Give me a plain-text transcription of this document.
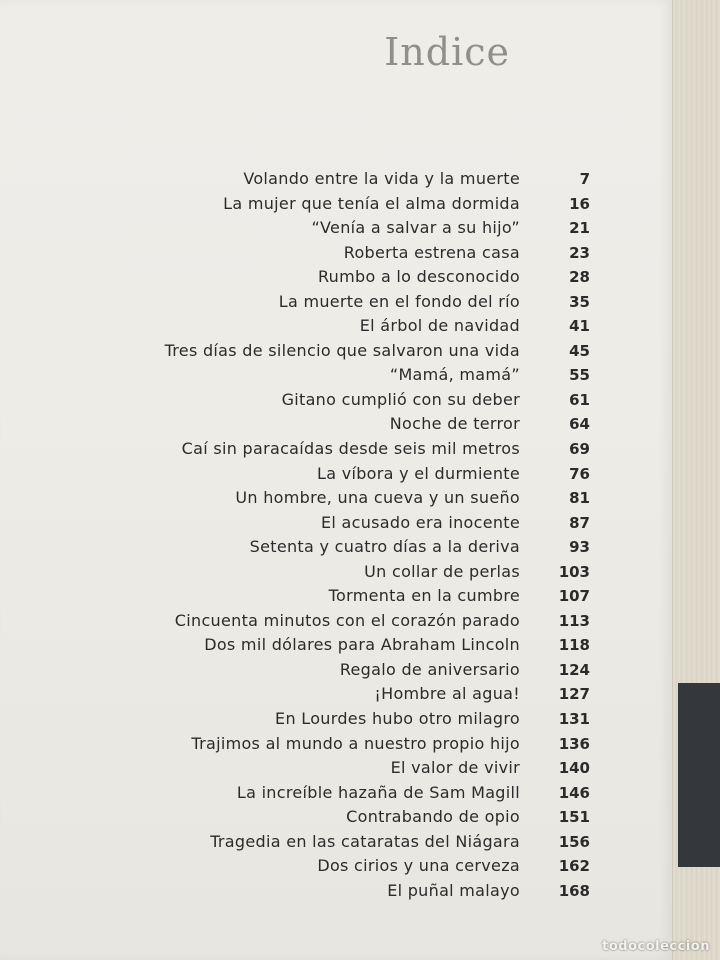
Indice
Volando entre la vida y la muerte	7
La mujer que tenía el alma dormida	16
“Venía a salvar a su hijo”	21
Roberta estrena casa	23
Rumbo a lo desconocido	28
La muerte en el fondo del río	35
El árbol de navidad	41
Tres días de silencio que salvaron una vida	45
“Mamá, mamá”	55
Gitano cumplió con su deber	61
Noche de terror	64
Caí sin paracaídas desde seis mil metros	69
La víbora y el durmiente	76
Un hombre, una cueva y un sueño	81
El acusado era inocente	87
Setenta y cuatro días a la deriva	93
Un collar de perlas	103
Tormenta en la cumbre	107
Cincuenta minutos con el corazón parado	113
Dos mil dólares para Abraham Lincoln	118
Regalo de aniversario	124
¡Hombre al agua!	127
En Lourdes hubo otro milagro	131
Trajimos al mundo a nuestro propio hijo	136
El valor de vivir	140
La increíble hazaña de Sam Magill	146
Contrabando de opio	151
Tragedia en las cataratas del Niágara	156
Dos cirios y una cerveza	162
El puñal malayo	168
todocoleccion
